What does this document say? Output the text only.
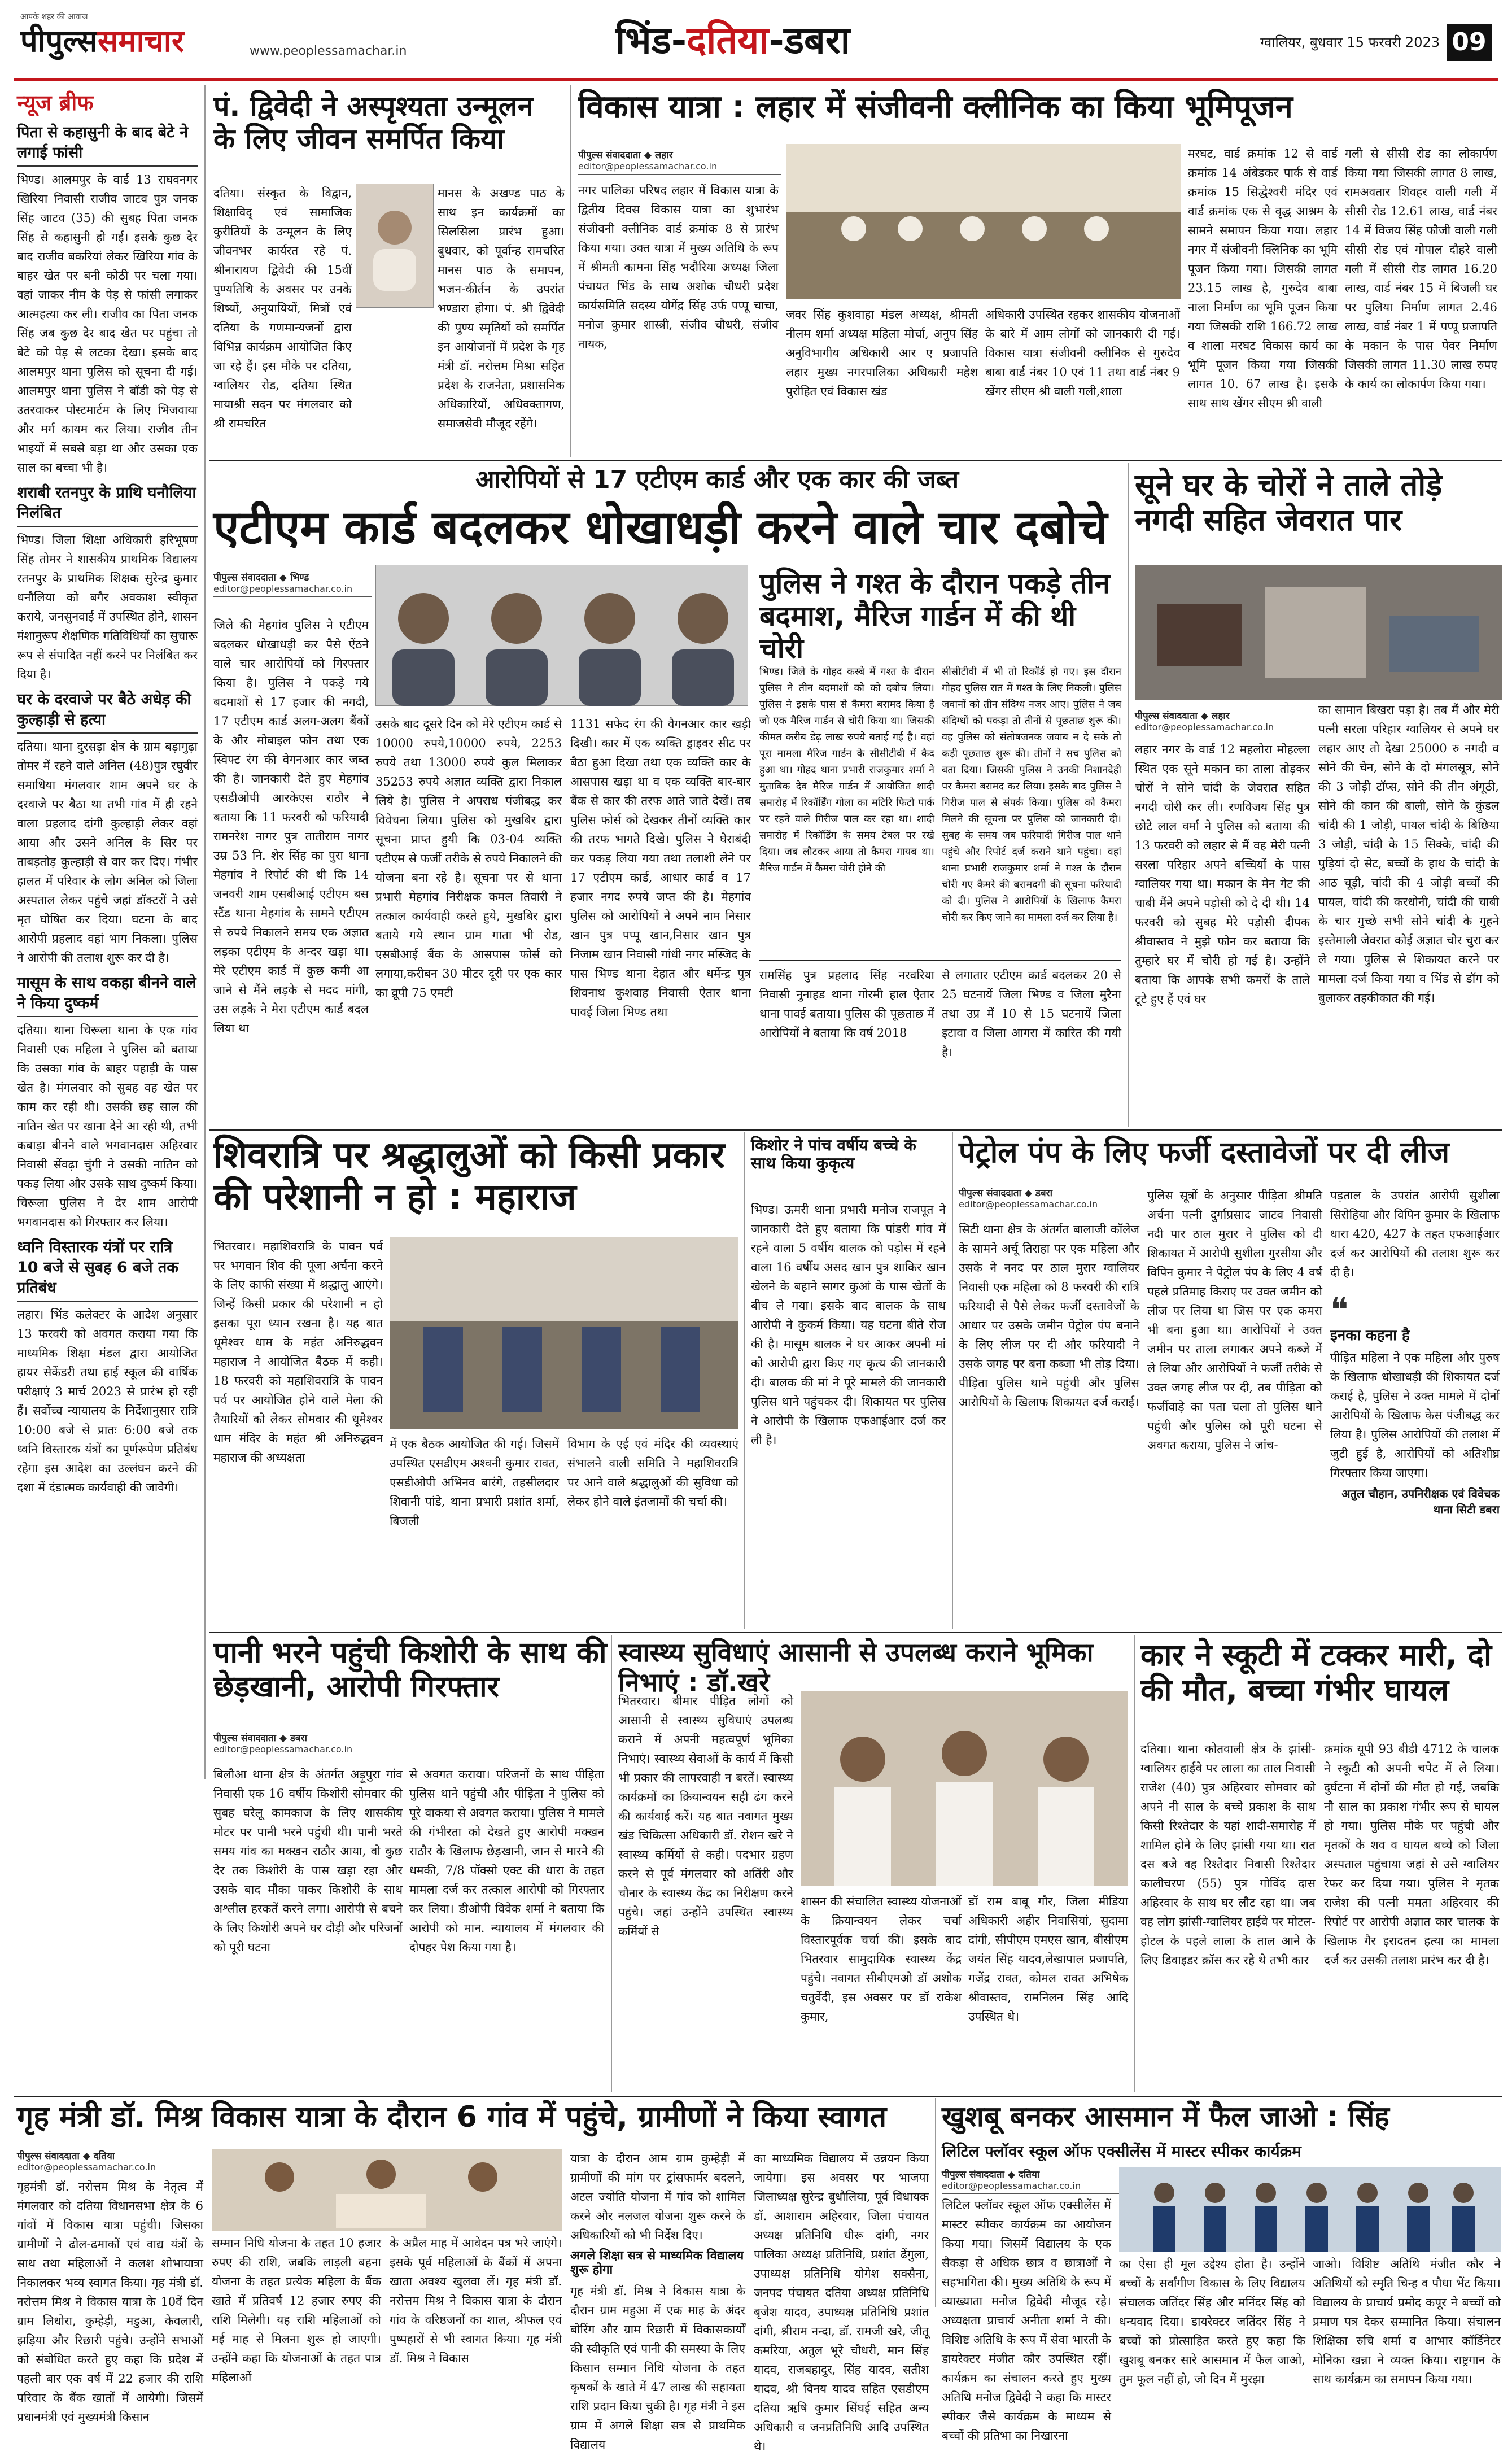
आपके शहर की आवाज
पीपुल्ससमाचार	www.peoplessamachar.in	भिंड-दतिया-डबरा	ग्वालियर, बुधवार 15 फरवरी 2023 09
न्यूज ब्रीफ
पिता से कहासुनी के बाद बेटे ने लगाई फांसी
भिण्ड। आलमपुर के वार्ड 13 राघवनगर खिरिया निवासी राजीव जाटव पुत्र जनक सिंह जाटव (35) की सुबह पिता जनक सिंह से कहासुनी हो गई। इसके कुछ देर बाद राजीव बकरियां लेकर खिरिया गांव के बाहर खेत पर बनी कोठी पर चला गया। वहां जाकर नीम के पेड़ से फांसी लगाकर आत्महत्या कर ली। राजीव का पिता जनक सिंह जब कुछ देर बाद खेत पर पहुंचा तो बेटे को पेड़ से लटका देखा। इसके बाद आलमपुर थाना पुलिस को सूचना दी गई। आलमपुर थाना पुलिस ने बॉडी को पेड़ से उतरवाकर पोस्टमार्टम के लिए भिजवाया और मर्ग कायम कर लिया। राजीव तीन भाइयों में सबसे बड़ा था और उसका एक साल का बच्चा भी है।
शराबी रतनपुर के प्राथि घनौलिया निलंबित
भिण्ड। जिला शिक्षा अधिकारी हरिभूषण सिंह तोमर ने शासकीय प्राथमिक विद्यालय रतनपुर के प्राथमिक शिक्षक सुरेन्द्र कुमार धनौलिया को बगैर अवकाश स्वीकृत कराये, जनसुनवाई में उपस्थित होने, शासन मंशानुरूप शैक्षणिक गतिविधियों का सुचारू रूप से संपादित नहीं करने पर निलंबित कर दिया है।
घर के दरवाजे पर बैठे अधेड़ की कुल्हाड़ी से हत्या
दतिया। थाना दुरसड़ा क्षेत्र के ग्राम बड़ागुढ़ा तोमर में रहने वाले अनिल (48)पुत्र रघुवीर समाधिया मंगलवार शाम अपने घर के दरवाजे पर बैठा था तभी गांव में ही रहने वाला प्रहलाद दांगी कुल्हाड़ी लेकर वहां आया और उसने अनिल के सिर पर ताबड़तोड़ कुल्हाड़ी से वार कर दिए। गंभीर हालत में परिवार के लोग अनिल को जिला अस्पताल लेकर पहुंचे जहां डॉक्टरों ने उसे मृत घोषित कर दिया। घटना के बाद आरोपी प्रहलाद वहां भाग निकला। पुलिस ने आरोपी की तलाश शुरू कर दी है।
मासूम के साथ वकहा बीनने वाले ने किया दुष्कर्म
दतिया। थाना चिरूला थाना के एक गांव निवासी एक महिला ने पुलिस को बताया कि उसका गांव के बाहर पहाड़ी के पास खेत है। मंगलवार को सुबह वह खेत पर काम कर रही थी। उसकी छह साल की नातिन खेत पर खाना देने आ रही थी, तभी कबाड़ा बीनने वाले भगवानदास अहिरवार निवासी सेंवढ़ा चुंगी ने उसकी नातिन को पकड़ लिया और उसके साथ दुष्कर्म किया। चिरूला पुलिस ने देर शाम आरोपी भगवानदास को गिरफ्तार कर लिया।
ध्वनि विस्तारक यंत्रों पर रात्रि 10 बजे से सुबह 6 बजे तक प्रतिबंध
लहार। भिंड कलेक्टर के आदेश अनुसार 13 फरवरी को अवगत कराया गया कि माध्यमिक शिक्षा मंडल द्वारा आयोजित हायर सेकेंडरी तथा हाई स्कूल की वार्षिक परीक्षाएं 3 मार्च 2023 से प्रारंभ हो रही हैं। सर्वोच्च न्यायालय के निर्देशानुसार रात्रि 10:00 बजे से प्रातः 6:00 बजे तक ध्वनि विस्तारक यंत्रों का पूर्णरूपेण प्रतिबंध रहेगा इस आदेश का उल्लंघन करने की दशा में दंडात्मक कार्यवाही की जावेगी।
पं. द्विवेदी ने अस्पृश्यता उन्मूलन के लिए जीवन समर्पित किया
दतिया। संस्कृत के विद्वान, शिक्षाविद् एवं सामाजिक कुरीतियों के उन्मूलन के लिए जीवनभर कार्यरत रहे पं. श्रीनारायण द्विवेदी की 15वीं पुण्यतिथि के अवसर पर उनके शिष्यों, अनुयायियों, मित्रों एवं दतिया के गणमान्यजनों द्वारा विभिन्न कार्यक्रम आयोजित किए जा रहे हैं। इस मौके पर दतिया, ग्वालियर रोड, दतिया स्थित मायाश्री सदन पर मंगलवार को श्री रामचरित
मानस के अखण्ड पाठ के साथ इन कार्यक्रमों का सिलसिला प्रारंभ हुआ। बुधवार, को पूर्वान्ह रामचरित मानस पाठ के समापन, भजन-कीर्तन के उपरांत भण्डारा होगा। पं. श्री द्विवेदी की पुण्य स्मृतियों को समर्पित इन आयोजनों में प्रदेश के गृह मंत्री डॉ. नरोत्तम मिश्रा सहित प्रदेश के राजनेता, प्रशासनिक अधिकारियों, अधिवक्तागण, समाजसेवी मौजूद रहेंगे।
विकास यात्रा : लहार में संजीवनी क्लीनिक का किया भूमिपूजन
पीपुल्स संवाददाता ◆ लहार
editor@peoplessamachar.co.in
नगर पालिका परिषद लहार में विकास यात्रा के द्वितीय दिवस विकास यात्रा का शुभारंभ संजीवनी क्लीनिक वार्ड क्रमांक 8 से प्रारंभ किया गया। उक्त यात्रा में मुख्य अतिथि के रूप में श्रीमती कामना सिंह भदौरिया अध्यक्ष जिला पंचायत भिंड के साथ अशोक चौधरी प्रदेश कार्यसमिति सदस्य योगेंद्र सिंह उर्फ पप्पू चाचा, मनोज कुमार शास्त्री, संजीव चौधरी, संजीव नायक,
जवर सिंह कुशवाहा मंडल अध्यक्ष, श्रीमती नीलम शर्मा अध्यक्ष महिला मोर्चा, अनुप सिंह अनुविभागीय अधिकारी आर ए प्रजापति लहार मुख्य नगरपालिका अधिकारी महेश पुरोहित एवं विकास खंड
अधिकारी उपस्थित रहकर शासकीय योजनाओं के बारे में आम लोगों को जानकारी दी गई। विकास यात्रा संजीवनी क्लीनिक से गुरुदेव बाबा वार्ड नंबर 10 एवं 11 तथा वार्ड नंबर 9 खेंगर सीएम श्री वाली गली,शाला
मरघट, वार्ड क्रमांक 12 से वार्ड क्रमांक 14 अंबेडकर पार्क से वार्ड क्रमांक 15 सिद्धेश्वरी मंदिर एवं वार्ड क्रमांक एक से वृद्ध आश्रम के सामने समापन किया गया। लहार नगर में संजीवनी क्लिनिक का भूमि पूजन किया गया। जिसकी लागत 23.15 लाख है, गुरुदेव बाबा नाला निर्माण का भूमि पूजन किया गया जिसकी राशि 166.72 लाख व शाला मरघट विकास कार्य का भूमि पूजन किया गया जिसकी लागत 10. 67 लाख है। इसके साथ साथ खेंगर सीएम श्री वाली
गली से सीसी रोड का लोकार्पण किया गया जिसकी लागत 8 लाख, रामअवतार शिवहर वाली गली में सीसी रोड 12.61 लाख, वार्ड नंबर 14 में विजय सिंह फौजी वाली गली सीसी रोड एवं गोपाल दौहरे वाली गली में सीसी रोड लागत 16.20 लाख, वार्ड नंबर 15 में बिजली घर पर पुलिया निर्माण लागत 2.46 लाख, वार्ड नंबर 1 में पप्पू प्रजापति के मकान के पास पेवर निर्माण जिसकी लागत 11.30 लाख रुपए के कार्य का लोकार्पण किया गया।
आरोपियों से 17 एटीएम कार्ड और एक कार की जब्त
एटीएम कार्ड बदलकर धोखाधड़ी करने वाले चार दबोचे
पीपुल्स संवाददाता ◆ भिण्ड
editor@peoplessamachar.co.in
जिले की मेहगांव पुलिस ने एटीएम बदलकर धोखाधड़ी कर पैसे ऐंठने वाले चार आरोपियों को गिरफ्तार किया है। पुलिस ने पकड़े गये बदमाशों से 17 हजार की नगदी, 17 एटीएम कार्ड अलग-अलग बैंकों के और मोबाइल फोन तथा एक स्विफ्ट रंग की वेगनआर कार जब्त की है। जानकारी देते हुए मेहगांव एसडीओपी आरकेएस राठौर ने बताया कि 11 फरवरी को फरियादी रामनरेश नागर पुत्र तातीराम नागर उम्र 53 नि. शेर सिंह का पुरा थाना मेहगांव ने रिपोर्ट की थी कि 14 जनवरी शाम एसबीआई एटीएम बस स्टैंड थाना मेहगांव के सामने एटीएम से रुपये निकालने समय एक अज्ञात लड़का एटीएम के अन्दर खड़ा था। मेरे एटीएम कार्ड में कुछ कमी आ जाने से मैंने लड़के से मदद मांगी, उस लड़के ने मेरा एटीएम कार्ड बदल लिया था
उसके बाद दूसरे दिन को मेरे एटीएम कार्ड से 10000 रुपये,10000 रुपये, 2253 रुपये तथा 13000 रुपये कुल मिलाकर 35253 रुपये अज्ञात व्यक्ति द्वारा निकाल लिये है। पुलिस ने अपराध पंजीबद्ध कर विवेचना लिया। पुलिस को मुखबिर द्वारा सूचना प्राप्त हुयी कि 03-04 व्यक्ति एटीएम से फर्जी तरीके से रुपये निकालने की योजना बना रहे है। सूचना पर से थाना प्रभारी मेहगांव निरीक्षक कमल तिवारी ने तत्काल कार्यवाही करते हुये, मुखबिर द्वारा बताये गये स्थान ग्राम गाता भी रोड, एसबीआई बैंक के आसपास फोर्स को लगाया,करीबन 30 मीटर दूरी पर एक कार का व्रूपी 75 एमटी
1131 सफेद रंग की वैगनआर कार खड़ी दिखी। कार में एक व्यक्ति ड्राइवर सीट पर बैठा हुआ दिखा तथा एक व्यक्ति कार के आसपास खड़ा था व एक व्यक्ति बार-बार बैंक से कार की तरफ आते जाते देखें। तब पुलिस फोर्स को देखकर तीनों व्यक्ति कार की तरफ भागते दिखे। पुलिस ने घेराबंदी कर पकड़ लिया गया तथा तलाशी लेने पर 17 एटीएम कार्ड, आधार कार्ड व 17 हजार नगद रुपये जप्त की है। मेहगांव पुलिस को आरोपियों ने अपने नाम निसार खान पुत्र पप्पू खान,निसार खान पुत्र निजाम खान निवासी गांधी नगर मस्जिद के पास भिण्ड थाना देहात और धर्मेन्द्र पुत्र शिवनाथ कुशवाह निवासी ऐतार थाना पावई जिला भिण्ड तथा
पुलिस ने गश्त के दौरान पकड़े तीन बदमाश, मैरिज गार्डन में की थी चोरी
भिण्ड। जिले के गोहद कस्बे में गश्त के दौरान पुलिस ने तीन बदमाशों को को दबोच लिया। पुलिस ने इसके पास से कैमरा बरामद किया है जो एक मैरिज गार्डन से चोरी किया था। जिसकी कीमत करीब डेढ़ लाख रुपये बताई गई है। वहां पूरा मामला मैरिज गार्डन के सीसीटीवी में कैद हुआ था। गोहद थाना प्रभारी राजकुमार शर्मा ने मुताबिक देव मैरिज गार्डन में आयोजित शादी समारोह में रिकॉर्डिंग गोला का मटिरि फिटो पार्क पर रहने वाले गिरीज पाल कर रहा था। शादी समारोह में रिकॉर्डिंग के समय टेबल पर रखे दिया। जब लौटकर आया तो कैमरा गायब था। मैरिज गार्डन में कैमरा चोरी होने की
सीसीटीवी में भी तो रिकॉर्ड हो गए। इस दौरान गोहद पुलिस रात में गश्त के लिए निकली। पुलिस जवानों को तीन संदिग्ध नजर आए। पुलिस ने जब संदिग्धों को पकड़ा तो तीनों से पूछताछ शुरू की। वह पुलिस को संतोषजनक जवाब न दे सके तो कड़ी पूछताछ शुरू की। तीनों ने सच पुलिस को बता दिया। जिसकी पुलिस ने उनकी निशानदेही पर कैमरा बरामद कर लिया। इसके बाद पुलिस ने गिरीज पाल से संपर्क किया। पुलिस को कैमरा मिलने की सूचना पर पुलिस को जानकारी दी। सुबह के समय जब फरियादी गिरीज पाल थाने पहुंचे और रिपोर्ट दर्ज कराने थाने पहुंचा। वहां थाना प्रभारी राजकुमार शर्मा ने गश्त के दौरान चोरी गए कैमरे की बरामदगी की सूचना फरियादी को दी। पुलिस ने आरोपियों के खिलाफ कैमरा चोरी कर किए जाने का मामला दर्ज कर लिया है।
रामसिंह पुत्र प्रहलाद सिंह नरवरिया निवासी नुनाहड थाना गोरमी हाल ऐतार थाना पावई बताया। पुलिस की पूछताछ में आरोपियों ने बताया कि वर्ष 2018
से लगातार एटीएम कार्ड बदलकर 20 से 25 घटनायें जिला भिण्ड व जिला मुरैना तथा उप्र में 10 से 15 घटनायें जिला इटावा व जिला आगरा में कारित की गयी है।
सूने घर के चोरों ने ताले तोड़े नगदी सहित जेवरात पार
पीपुल्स संवाददाता ◆ लहार
editor@peoplessamachar.co.in
लहार नगर के वार्ड 12 महलोरा मोहल्ला स्थित एक सूने मकान का ताला तोड़कर चोरों ने सोने चांदी के जेवरात सहित नगदी चोरी कर ली। रणविजय सिंह पुत्र छोटे लाल वर्मा ने पुलिस को बताया की 13 फरवरी को लहार से मैं वह मेरी पत्नी सरला परिहार अपने बच्चियों के पास ग्वालियर गया था। मकान के मेन गेट की चाबी मैंने अपने पड़ोसी को दे दी थी। 14 फरवरी को सुबह मेरे पड़ोसी दीपक श्रीवास्तव ने मुझे फोन कर बताया कि तुम्हारे घर में चोरी हो गई है। उन्होंने बताया कि आपके सभी कमरों के ताले टूटे हुए हैं एवं घर
का सामान बिखरा पड़ा है। तब मैं और मेरी पत्नी सरला परिहार ग्वालियर से अपने घर लहार आए तो देखा 25000 रु नगदी व सोने की चेन, सोने के दो मंगलसूत्र, सोने की 3 जोड़ी टॉप्स, सोने की तीन अंगूठी, सोने की कान की बाली, सोने के कुंडल चांदी की 1 जोड़ी, पायल चांदी के बिछिया 3 जोड़ी, चांदी के 15 सिक्के, चांदी की पुड़ियां दो सेट, बच्चों के हाथ के चांदी के आठ चूड़ी, चांदी की 4 जोड़ी बच्चों की पायल, चांदी की करधोनी, चांदी की चाबी के चार गुच्छे सभी सोने चांदी के गुहने इस्तेमाली जेवरात कोई अज्ञात चोर चुरा कर ले गया। पुलिस से शिकायत करने पर मामला दर्ज किया गया व भिंड से डॉग को बुलाकर तहकीकात की गई।
शिवरात्रि पर श्रद्धालुओं को किसी प्रकार की परेशानी न हो : महाराज
भितरवार। महाशिवरात्रि के पावन पर्व पर भगवान शिव की पूजा अर्चना करने के लिए काफी संख्या में श्रद्धालु आएंगे। जिन्हें किसी प्रकार की परेशानी न हो इसका पूरा ध्यान रखना है। यह बात धूमेश्वर धाम के महंत अनिरुद्धवन महाराज ने आयोजित बैठक में कही। 18 फरवरी को महाशिवरात्रि के पावन पर्व पर आयोजित होने वाले मेला की तैयारियों को लेकर सोमवार की धूमेश्वर धाम मंदिर के महंत श्री अनिरुद्धवन महाराज की अध्यक्षता
में एक बैठक आयोजित की गई। जिसमें उपस्थित एसडीएम अश्वनी कुमार रावत, एसडीओपी अभिनव बारंगे, तहसीलदार शिवानी पांडे, थाना प्रभारी प्रशांत शर्मा, बिजली
विभाग के एई एवं मंदिर की व्यवस्थाएं संभालने वाली समिति ने महाशिवरात्रि पर आने वाले श्रद्धालुओं की सुविधा को लेकर होने वाले इंतजामों की चर्चा की।
किशोर ने पांच वर्षीय बच्चे के साथ किया कुकृत्य
भिण्ड। ऊमरी थाना प्रभारी मनोज राजपूत ने जानकारी देते हुए बताया कि पांडरी गांव में रहने वाला 5 वर्षीय बालक को पड़ोस में रहने वाला 16 वर्षीय असद खान पुत्र शाकिर खान खेलने के बहाने सागर कुआं के पास खेतों के बीच ले गया। इसके बाद बालक के साथ आरोपी ने कुकर्म किया। यह घटना बीते रोज की है। मासूम बालक ने घर आकर अपनी मां को आरोपी द्वारा किए गए कृत्य की जानकारी दी। बालक की मां ने पूरे मामले की जानकारी पुलिस थाने पहुंचकर दी। शिकायत पर पुलिस ने आरोपी के खिलाफ एफआईआर दर्ज कर ली है।
पेट्रोल पंप के लिए फर्जी दस्तावेजों पर दी लीज
पीपुल्स संवाददाता ◆ डबरा
editor@peoplessamachar.co.in
सिटी थाना क्षेत्र के अंतर्गत बालाजी कॉलेज के सामने अर्चू तिराहा पर एक महिला और उसके ने ननद पर ठाल मुरार ग्वालियर निवासी एक महिला को 8 फरवरी की रात्रि फरियादी से पैसे लेकर फर्जी दस्तावेजों के आधार पर उसके जमीन पेट्रोल पंप बनाने के लिए लीज पर दी और फरियादी ने उसके जगह पर बना कब्जा भी तोड़ दिया। पीड़िता पुलिस थाने पहुंची और पुलिस आरोपियों के खिलाफ शिकायत दर्ज कराई।
पुलिस सूत्रों के अनुसार पीड़िता श्रीमति अर्चना पत्नी दुर्गाप्रसाद जाटव निवासी नदी पार ठाल मुरार ने पुलिस को दी शिकायत में आरोपी सुशीला गुरसीया और विपिन कुमार ने पेट्रोल पंप के लिए 4 वर्ष पहले प्रतिमाह किराए पर उक्त जमीन को लीज पर लिया था जिस पर एक कमरा भी बना हुआ था। आरोपियों ने उक्त जमीन पर ताला लगाकर अपने कब्जे में ले लिया और आरोपियों ने फर्जी तरीके से उक्त जगह लीज पर दी, तब पीड़िता को फर्जीवाड़े का पता चला तो पुलिस थाने पहुंची और पुलिस को पूरी घटना से अवगत कराया, पुलिस ने जांच-
पड़ताल के उपरांत आरोपी सुशीला सिरोहिया और विपिन कुमार के खिलाफ धारा 420, 427 के तहत एफआईआर दर्ज कर आरोपियों की तलाश शुरू कर दी है।
❝
इनका कहना है
पीड़ित महिला ने एक महिला और पुरुष के खिलाफ धोखाधड़ी की शिकायत दर्ज कराई है, पुलिस ने उक्त मामले में दोनों आरोपियों के खिलाफ केस पंजीबद्ध कर लिया है। पुलिस आरोपियों की तलाश में जुटी हुई है, आरोपियों को अतिशीघ्र गिरफ्तार किया जाएगा।
अतुल चौहान, उपनिरीक्षक एवं विवेचक थाना सिटी डबरा
पानी भरने पहुंची किशोरी के साथ की छेड़खानी, आरोपी गिरफ्तार
पीपुल्स संवाददाता ◆ डबरा
editor@peoplessamachar.co.in
बिलौआ थाना क्षेत्र के अंतर्गत अड़ूपुरा गांव निवासी एक 16 वर्षीय किशोरी सोमवार की सुबह घरेलू कामकाज के लिए शासकीय मोटर पर पानी भरने पहुंची थी। पानी भरते समय गांव का मक्खन राठौर आया, वो कुछ देर तक किशोरी के पास खड़ा रहा और उसके बाद मौका पाकर किशोरी के साथ अश्लील हरकतें करने लगा। आरोपी से बचने के लिए किशोरी अपने घर दौड़ी और परिजनों को पूरी घटना
से अवगत कराया। परिजनों के साथ पीड़िता पुलिस थाने पहुंची और पीड़िता ने पुलिस को पूरे वाकया से अवगत कराया। पुलिस ने मामले की गंभीरता को देखते हुए आरोपी मक्खन राठौर के खिलाफ छेड़खानी, जान से मारने की धमकी, 7/8 पॉक्सो एक्ट की धारा के तहत मामला दर्ज कर तत्काल आरोपी को गिरफ्तार कर लिया। डीओपी विवेक शर्मा ने बताया कि आरोपी को मान. न्यायालय में मंगलवार की दोपहर पेश किया गया है।
स्वास्थ्य सुविधाएं आसानी से उपलब्ध कराने भूमिका निभाएं : डॉ.खरे
भितरवार। बीमार पीड़ित लोगों को आसानी से स्वास्थ्य सुविधाएं उपलब्ध कराने में अपनी महत्वपूर्ण भूमिका निभाएं। स्वास्थ्य सेवाओं के कार्य में किसी भी प्रकार की लापरवाही न बरतें। स्वास्थ्य कार्यक्रमों का क्रियान्वयन सही ढंग करने की कार्यवाई करें। यह बात नवागत मुख्य खंड चिकित्सा अधिकारी डॉ. रोशन खरे ने स्वास्थ्य कर्मियों से कही। पदभार ग्रहण करने से पूर्व मंगलवार को अतिंरी और चौनार के स्वास्थ्य केंद्र का निरीक्षण करने पहुंचे। जहां उन्होंने उपस्थित स्वास्थ्य कर्मियों से
शासन की संचालित स्वास्थ्य योजनाओं के क्रियान्वयन लेकर चर्चा विस्तारपूर्वक चर्चा की। इसके बाद भितरवार सामुदायिक स्वास्थ्य केंद्र पहुंचे। नवागत सीबीएमओ डॉ अशोक चतुर्वेदी, इस अवसर पर डॉ राकेश कुमार,
डॉ राम बाबू गौर, जिला मीडिया अधिकारी अहीर निवासियां, सुदामा दांगी, सीपीएम एमएस खान, बीसीएम जयंत सिंह यादव,लेखापाल प्रजापति, गजेंद्र रावत, कोमल रावत अभिषेक श्रीवास्तव, रामनिलन सिंह आदि उपस्थित थे।
कार ने स्कूटी में टक्कर मारी, दो की मौत, बच्चा गंभीर घायल
दतिया। थाना कोतवाली क्षेत्र के झांसी-ग्वालियर हाईवे पर लाला का ताल निवासी राजेश (40) पुत्र अहिरवार सोमवार को अपने नी साल के बच्चे प्रकाश के साथ किसी रिश्तेदार के यहां शादी-समारोह में शामिल होने के लिए झांसी गया था। रात दस बजे वह रिश्तेदार निवासी रिश्तेदार कालीचरण (55) पुत्र गोविंद दास अहिरवार के साथ घर लौट रहा था। जब वह लोग झांसी-ग्वालियर हाईवे पर मोटल-होटल के पहले लाला के ताल आने के लिए डिवाइडर क्रॉस कर रहे थे तभी कार
क्रमांक यूपी 93 बीडी 4712 के चालक ने स्कूटी को अपनी चपेट में ले लिया। दुर्घटना में दोनों की मौत हो गई, जबकि नौ साल का प्रकाश गंभीर रूप से घायल हो गया। पुलिस मौके पर पहुंची और मृतकों के शव व घायल बच्चे को जिला अस्पताल पहुंचाया जहां से उसे ग्वालियर रेफर कर दिया गया। पुलिस ने मृतक राजेश की पत्नी ममता अहिरवार की रिपोर्ट पर आरोपी अज्ञात कार चालक के खिलाफ गैर इरादतन हत्या का मामला दर्ज कर उसकी तलाश प्रारंभ कर दी है।
गृह मंत्री डॉ. मिश्र विकास यात्रा के दौरान 6 गांव में पहुंचे, ग्रामीणों ने किया स्वागत
पीपुल्स संवाददाता ◆ दतिया
editor@peoplessamachar.co.in
गृहमंत्री डॉ. नरोत्तम मिश्र के नेतृत्व में मंगलवार को दतिया विधानसभा क्षेत्र के 6 गांवों में विकास यात्रा पहुंची। जिसका ग्रामीणों ने ढोल-ढमाकों एवं वाद्य यंत्रों के साथ तथा महिलाओं ने कलश शोभायात्रा निकालकर भव्य स्वागत किया। गृह मंत्री डॉ. नरोत्तम मिश्र ने विकास यात्रा के 10वें दिन ग्राम लिधोरा, कुम्हेड़ी, मडुआ, केवलारी, झड़िया और रिछारी पहुंचे। उन्होंने सभाओं को संबोधित करते हुए कहा कि प्रदेश में पहली बार एक वर्ष में 22 हजार की राशि परिवार के बैंक खातों में आयेगी। जिसमें प्रधानमंत्री एवं मुख्यमंत्री किसान
सम्मान निधि योजना के तहत 10 हजार रुपए की राशि, जबकि लाड़ली बहना योजना के तहत प्रत्येक महिला के बैंक खाते में प्रतिवर्ष 12 हजार रुपए की राशि मिलेगी। यह राशि महिलाओं को मई माह से मिलना शुरू हो जाएगी। उन्होंने कहा कि योजनाओं के तहत पात्र महिलाओं
के अप्रैल माह में आवेदन पत्र भरे जाएंगे। इसके पूर्व महिलाओं के बैंकों में अपना खाता अवश्य खुलवा लें। गृह मंत्री डॉ. नरोत्तम मिश्र ने विकास यात्रा के दौरान गांव के वरिष्ठजनों का शाल, श्रीफल एवं पुष्पहारों से भी स्वागत किया। गृह मंत्री डॉ. मिश्र ने विकास
यात्रा के दौरान आम ग्राम कुम्हेड़ी में ग्रामीणों की मांग पर ट्रांसफार्मर बदलने, अटल ज्योति योजना में गांव को शामिल करने और नलजल योजना शुरू करने के अधिकारियों को भी निर्देश दिए।
अगले शिक्षा सत्र से माध्यमिक विद्यालय शुरू होगा
गृह मंत्री डॉ. मिश्र ने विकास यात्रा के दौरान ग्राम महुआ में एक माह के अंदर बोरिंग और ग्राम रिछारी में विकासकार्यों की स्वीकृति एवं पानी की समस्या के लिए किसान सम्मान निधि योजना के तहत कृषकों के खाते में 47 लाख की सहायता राशि प्रदान किया चुकी है। गृह मंत्री ने इस ग्राम में अगले शिक्षा सत्र से प्राथमिक विद्यालय
का माध्यमिक विद्यालय में उन्नयन किया जायेगा। इस अवसर पर भाजपा जिलाध्यक्ष सुरेन्द्र बुधौलिया, पूर्व विधायक डॉ. आशाराम अहिरवार, जिला पंचायत अध्यक्ष प्रतिनिधि धीरू दांगी, नगर पालिका अध्यक्ष प्रतिनिधि, प्रशांत ढेंगुला, उपाध्यक्ष प्रतिनिधि योगेश सक्सैना, जनपद पंचायत दतिया अध्यक्ष प्रतिनिधि बृजेश यादव, उपाध्यक्ष प्रतिनिधि प्रशांत दांगी, श्रीराम नन्दा, डॉ. रामजी खरे, जीतू कमरिया, अतुल भूरे चौधरी, मान सिंह यादव, राजबहादुर, सिंह यादव, सतीश यादव, श्री विनय यादव सहित एसडीएम दतिया ऋषि कुमार सिंघई सहित अन्य अधिकारी व जनप्रतिनिधि आदि उपस्थित थे।
खुशबू बनकर आसमान में फैल जाओ : सिंह
लिटिल फ्लॉवर स्कूल ऑफ एक्सीलेंस में मास्टर स्पीकर कार्यक्रम
पीपुल्स संवाददाता ◆ दतिया
editor@peoplessamachar.co.in
लिटिल फ्लॉवर स्कूल ऑफ एक्सीलेंस में मास्टर स्पीकर कार्यक्रम का आयोजन किया गया। जिसमें विद्यालय के एक सैकड़ा से अधिक छात्र व छात्राओं ने सहभागिता की। मुख्य अतिथि के रूप में व्याख्याता मनोज द्विवेदी मौजूद रहे। अध्यक्षता प्राचार्य अनीता शर्मा ने की। विशिष्ट अतिथि के रूप में सेवा भारती के डायरेक्टर मंजीत कौर उपस्थित रहीं। कार्यक्रम का संचालन करते हुए मुख्य अतिथि मनोज द्विवेदी ने कहा कि मास्टर स्पीकर जैसे कार्यक्रम के माध्यम से बच्चों की प्रतिभा का निखारना
का ऐसा ही मूल उद्देश्य होता है। उन्होंने बच्चों के सर्वांगीण विकास के लिए विद्यालय संचालक जतिंदर सिंह और मनिंदर सिंह को धन्यवाद दिया। डायरेक्टर जतिंदर सिंह ने बच्चों को प्रोत्साहित करते हुए कहा कि खुशबू बनकर सारे आसमान में फैल जाओ, तुम फूल नहीं हो, जो दिन में मुरझा
जाओ। विशिष्ट अतिथि मंजीत कौर ने अतिथियों को स्मृति चिन्ह व पौधा भेंट किया। विद्यालय के प्राचार्य प्रमोद कपूर ने बच्चों को प्रमाण पत्र देकर सम्मानित किया। संचालन शिक्षिका रुचि शर्मा व आभार कॉर्डिनेटर मोनिका खन्ना ने व्यक्त किया। राष्ट्रगान के साथ कार्यक्रम का समापन किया गया।
